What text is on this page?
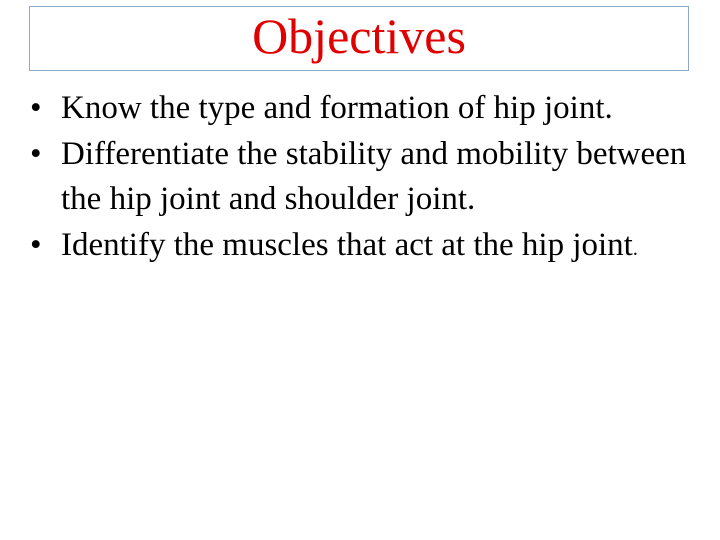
Objectives
• Know the type and formation of hip joint.
• Differentiate the stability and mobility between the hip joint and shoulder joint.
• Identify the muscles that act at the hip joint.
